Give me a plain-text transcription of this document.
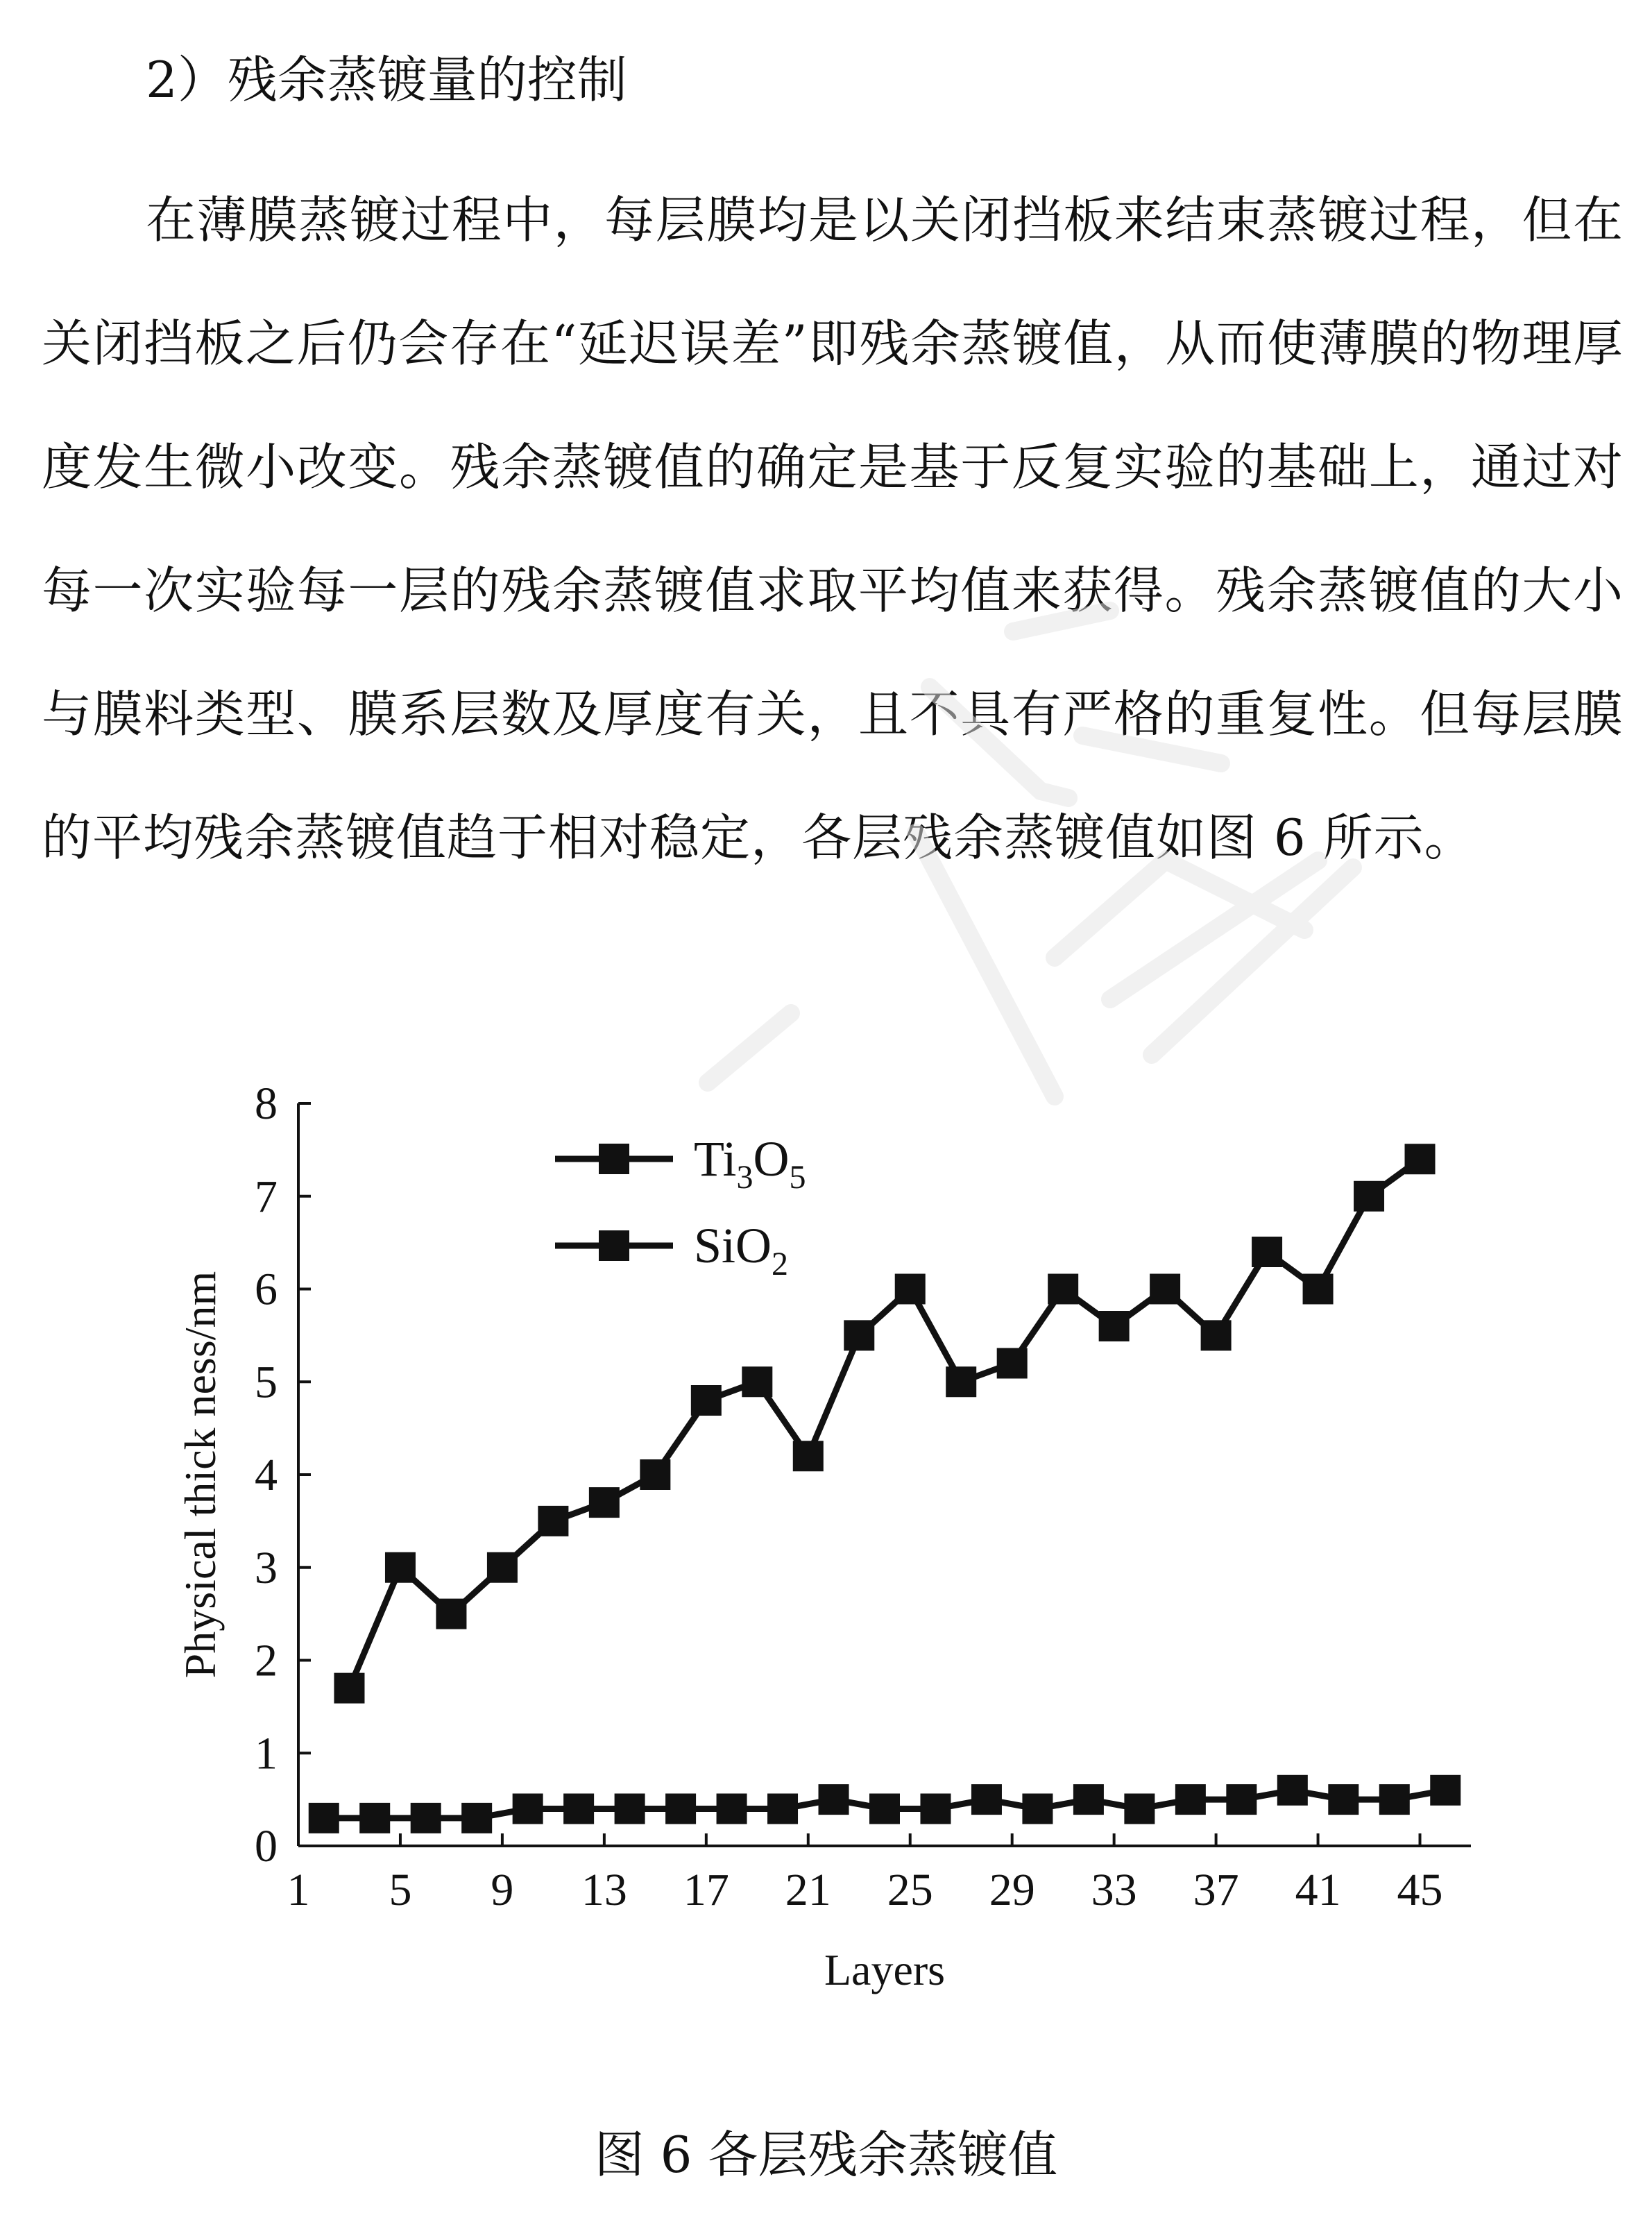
2）残余蒸镀量的控制

在薄膜蒸镀过程中，每层膜均是以关闭挡板来结束蒸镀过程，但在关闭挡板之后仍会存在“延迟误差”即残余蒸镀值，从而使薄膜的物理厚度发生微小改变。残余蒸镀值的确定是基于反复实验的基础上，通过对每一次实验每一层的残余蒸镀值求取平均值来获得。残余蒸镀值的大小与膜料类型、膜系层数及厚度有关，且不具有严格的重复性。但每层膜的平均残余蒸镀值趋于相对稳定，各层残余蒸镀值如图 6 所示。

0
1
2
3
4
5
6
7
8
1 5 9 13 17 21 25 29 33 37 41 45
$Ti_3O_5$
SiO$_2$
Layers
Physical thick ness/nm

图 6 各层残余蒸镀值
